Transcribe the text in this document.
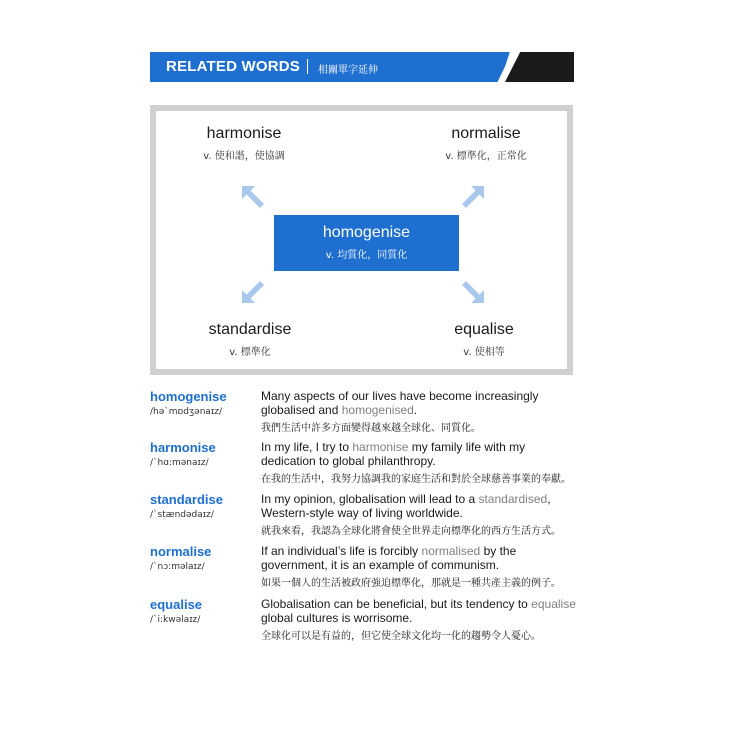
RELATED WORDS 相關單字延伸
harmonise
v. 使和諧，使協調
normalise
v. 標準化，正常化
homogenise
v. 均質化，同質化
standardise
v. 標準化
equalise
v. 使相等
homogenise
/hə`mɒdʒənaɪz/
Many aspects of our lives have become increasingly globalised and homogenised.
我們生活中許多方面變得越來越全球化、同質化。
harmonise
/`hɑ:mənaɪz/
In my life, I try to harmonise my family life with my dedication to global philanthropy.
在我的生活中，我努力協調我的家庭生活和對於全球慈善事業的奉獻。
standardise
/`stændədaɪz/
In my opinion, globalisation will lead to a standardised, Western-style way of living worldwide.
就我來看，我認為全球化將會使全世界走向標準化的西方生活方式。
normalise
/`nɔ:məlaɪz/
If an individual’s life is forcibly normalised by the government, it is an example of communism.
如果一個人的生活被政府強迫標準化，那就是一種共產主義的例子。
equalise
/`i:kwəlaɪz/
Globalisation can be beneficial, but its tendency to equalise global cultures is worrisome.
全球化可以是有益的，但它使全球文化均一化的趨勢令人憂心。
